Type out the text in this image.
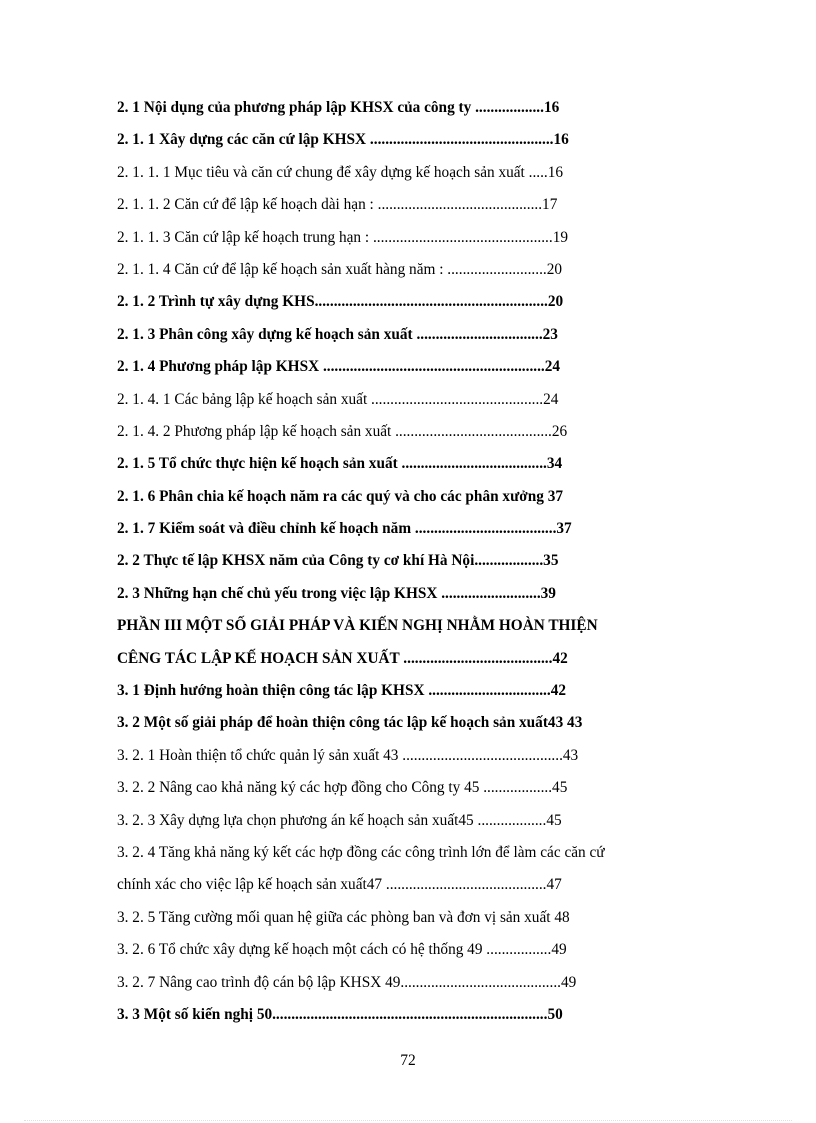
2. 1 Nội dụng của phương pháp lập KHSX của công ty ..................16
2. 1. 1 Xây dựng các căn cứ lập KHSX ................................................16
2. 1. 1. 1 Mục tiêu và căn cứ chung để xây dựng kế hoạch sản xuất .....16
2. 1. 1. 2 Căn cứ để lập kế hoạch dài hạn : ...........................................17
2. 1. 1. 3 Căn cứ lập kế hoạch trung hạn : ...............................................19
2. 1. 1. 4 Căn cứ để lập kế hoạch sản xuất hàng năm : ..........................20
2. 1. 2 Trình tự xây dựng KHS.............................................................20
2. 1. 3 Phân công xây dựng kế hoạch sản xuất .................................23
2. 1. 4 Phương pháp lập KHSX ..........................................................24
2. 1. 4. 1 Các bảng lập kế hoạch sản xuất .............................................24
2. 1. 4. 2 Phương pháp lập kế hoạch sản xuất .........................................26
2. 1. 5 Tổ chức thực hiện kế hoạch sản xuất ......................................34
2. 1. 6 Phân chia kế hoạch năm ra các quý và cho các phân xưởng 37
2. 1. 7 Kiểm soát và điều chỉnh kế hoạch năm .....................................37
2. 2 Thực tế lập KHSX năm của Công ty cơ khí Hà Nội..................35
2. 3 Những hạn chế chủ yếu trong việc lập KHSX ..........................39
PHẦN III MỘT SỐ GIẢI PHÁP VÀ KIẾN NGHỊ NHẰM HOÀN THIỆN
CÊNG TÁC LẬP KẾ HOẠCH SẢN XUẤT .......................................42
3. 1 Định hướng hoàn thiện công tác lập KHSX ................................42
3. 2 Một số giải pháp để hoàn thiện công tác lập kế hoạch sản xuất43 43
3. 2. 1 Hoàn thiện tổ chức quản lý sản xuất 43 ..........................................43
3. 2. 2 Nâng cao khả năng ký các hợp đồng cho Công ty 45 ..................45
3. 2. 3 Xây dựng lựa chọn phương án kế hoạch sản xuất45 ..................45
3. 2. 4 Tăng khả năng ký kết các hợp đồng các công trình lớn để làm các căn cứ
chính xác cho việc lập kế hoạch sản xuất47 ..........................................47
3. 2. 5 Tăng cường mối quan hệ giữa các phòng ban và đơn vị sản xuất 48
3. 2. 6 Tổ chức xây dựng kế hoạch một cách có hệ thống 49 .................49
3. 2. 7 Nâng cao trình độ cán bộ lập KHSX 49..........................................49
3. 3 Một số kiến nghị 50........................................................................50
72
